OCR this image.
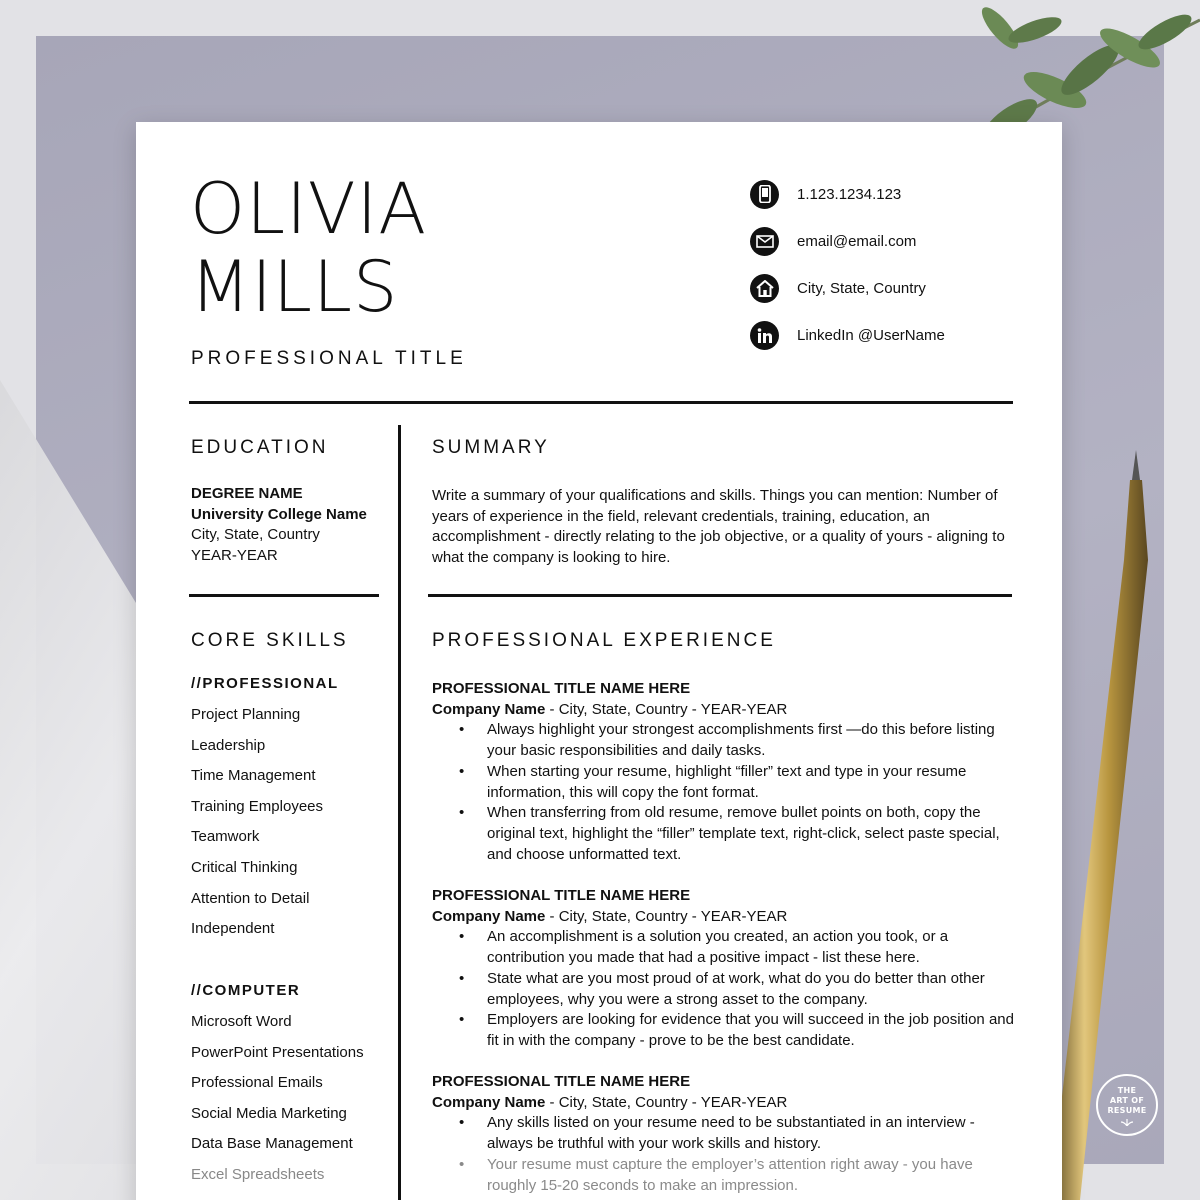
THE
ART OF
RESUME
OLIVIA
MILLS
PROFESSIONAL TITLE
1.123.1234.123
email@email.com
City, State, Country
LinkedIn @UserName
EDUCATION
DEGREE NAME
University College Name
City, State, Country
YEAR-YEAR
CORE SKILLS
//PROFESSIONAL
Project Planning
Leadership
Time Management
Training Employees
Teamwork
Critical Thinking
Attention to Detail
Independent
//COMPUTER
Microsoft Word
PowerPoint Presentations
Professional Emails
Social Media Marketing
Data Base Management
Excel Spreadsheets
SUMMARY
Write a summary of your qualifications and skills. Things you can mention: Number of years of experience in the field, relevant credentials, training, education, an accomplishment - directly relating to the job objective, or a quality of yours - aligning to what the company is looking to hire.
PROFESSIONAL EXPERIENCE
PROFESSIONAL TITLE NAME HERE
Company Name - City, State, Country - YEAR-YEAR
• Always highlight your strongest accomplishments first —do this before listing your basic responsibilities and daily tasks.
• When starting your resume, highlight “filler” text and type in your resume information, this will copy the font format.
• When transferring from old resume, remove bullet points on both, copy the original text, highlight the “filler” template text, right-click, select paste special, and choose unformatted text.
PROFESSIONAL TITLE NAME HERE
Company Name - City, State, Country - YEAR-YEAR
• An accomplishment is a solution you created, an action you took, or a contribution you made that had a positive impact - list these here.
• State what are you most proud of at work, what do you do better than other employees, why you were a strong asset to the company.
• Employers are looking for evidence that you will succeed in the job position and fit in with the company - prove to be the best candidate.
PROFESSIONAL TITLE NAME HERE
Company Name - City, State, Country - YEAR-YEAR
• Any skills listed on your resume need to be substantiated in an interview - always be truthful with your work skills and history.
• Your resume must capture the employer’s attention right away - you have roughly 15-20 seconds to make an impression.
